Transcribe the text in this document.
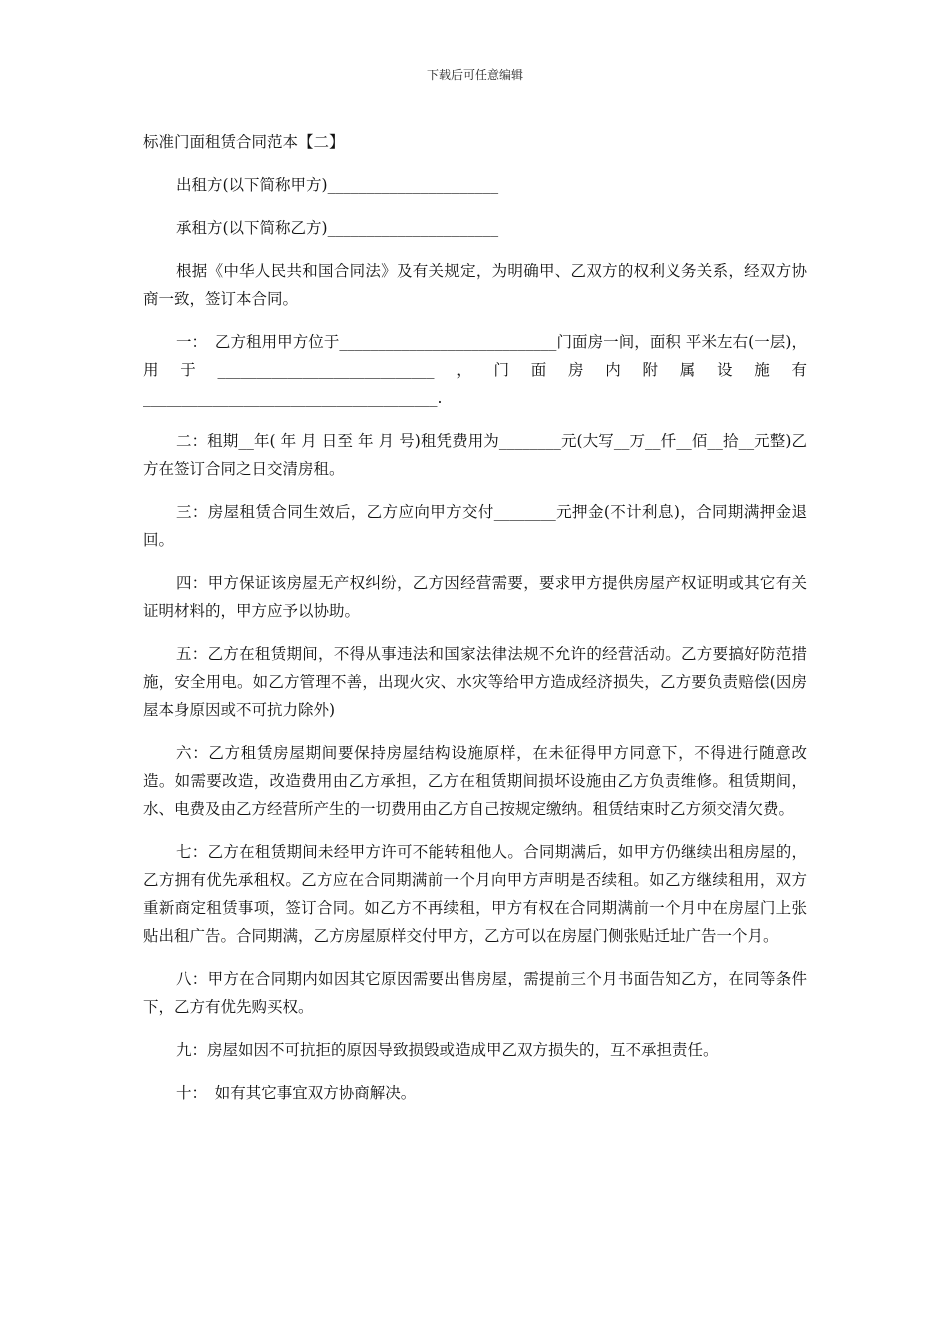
下载后可任意编辑
标准门面租赁合同范本【二】

出租方(以下简称甲方)______________________

承租方(以下简称乙方)______________________

根据《中华人民共和国合同法》及有关规定，为明确甲、乙双方的权利义务关系，经双方协商一致，签订本合同。

一：　乙方租用甲方位于____________________________门面房一间，面积 平米左右(一层)，用于____________________________，门面房内附属设施有______________________________________.

二：租期__年( 年 月 日至 年 月 号)租凭费用为________元(大写__万__仟__佰__拾__元整)乙方在签订合同之日交清房租。

三：房屋租赁合同生效后，乙方应向甲方交付________元押金(不计利息)，合同期满押金退回。

四：甲方保证该房屋无产权纠纷，乙方因经营需要，要求甲方提供房屋产权证明或其它有关证明材料的，甲方应予以协助。

五：乙方在租赁期间，不得从事违法和国家法律法规不允许的经营活动。乙方要搞好防范措施，安全用电。如乙方管理不善，出现火灾、水灾等给甲方造成经济损失，乙方要负责赔偿(因房屋本身原因或不可抗力除外)

六：乙方租赁房屋期间要保持房屋结构设施原样，在未征得甲方同意下，不得进行随意改造。如需要改造，改造费用由乙方承担，乙方在租赁期间损坏设施由乙方负责维修。租赁期间，水、电费及由乙方经营所产生的一切费用由乙方自己按规定缴纳。租赁结束时乙方须交清欠费。

七：乙方在租赁期间未经甲方许可不能转租他人。合同期满后，如甲方仍继续出租房屋的，乙方拥有优先承租权。乙方应在合同期满前一个月向甲方声明是否续租。如乙方继续租用，双方重新商定租赁事项，签订合同。如乙方不再续租，甲方有权在合同期满前一个月中在房屋门上张贴出租广告。合同期满，乙方房屋原样交付甲方，乙方可以在房屋门侧张贴迁址广告一个月。

八：甲方在合同期内如因其它原因需要出售房屋，需提前三个月书面告知乙方，在同等条件下，乙方有优先购买权。

九：房屋如因不可抗拒的原因导致损毁或造成甲乙双方损失的，互不承担责任。

十：　如有其它事宜双方协商解决。
